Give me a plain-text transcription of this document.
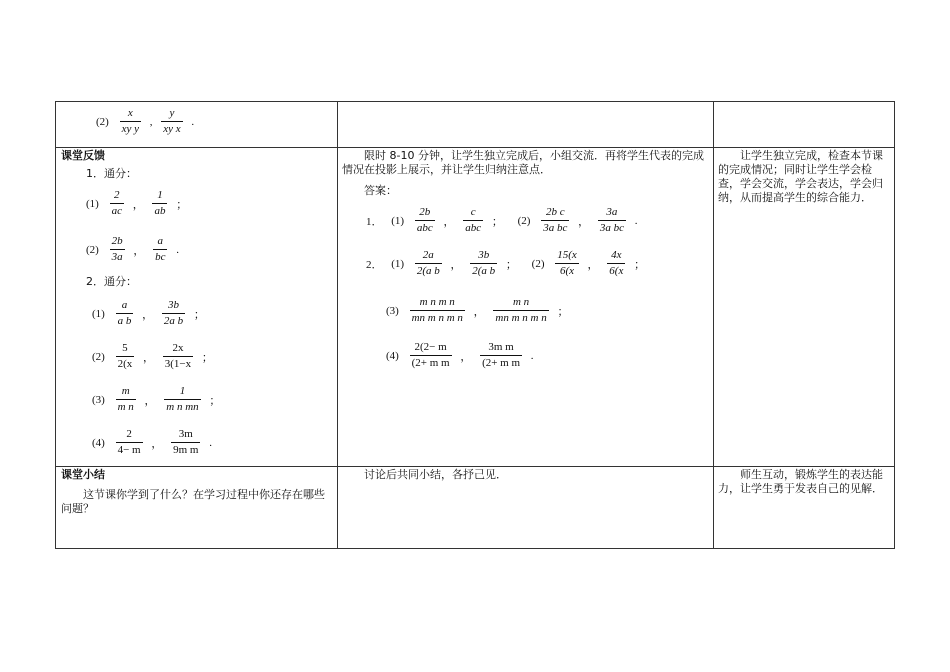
$(2) \frac{x}{\text{xy y}}$ , $\frac{y}{\text{xy x}}$ .
课堂反馈
1．通分：
$(1) \frac{2}{ac}$ ， $\frac{1}{ab}$ ；
$(2) \frac{2b}{3a}$ ， $\frac{a}{bc}$ .
2．通分：
$(1) \frac{a}{\text{a b}}$ ， $\frac{3b}{\text{2a b}}$ ；
$(2) \frac{5}{2(x}$ ， $\frac{2x}{3(1-x}$ ；
$(3) \frac{m}{\text{m n}}$ ， $\frac{1}{\text{m n mn}}$ ；
$(4) \frac{2}{4- m}$ ， $\frac{3m}{\text{9m m}}$ .
限时 8-10 分钟，让学生独立完成后，小组交流．再将学生代表的完成情况在投影上展示，并让学生归纳注意点．
答案：
1． $(1) \frac{2b}{\text{abc}}$ ， $\frac{c}{\text{abc}}$ ； $(2) \frac{\text{2b c}}{\text{3a bc}}$ ， $\frac{3a}{\text{3a bc}}$ .
2． $(1) \frac{2a}{\text{2(a b}}$ ， $\frac{3b}{\text{2(a b}}$ ； $(2) \frac{15(x}{6(x}$ ， $\frac{4x}{6(x}$ ；
$(3) \frac{\text{m n m n}}{\text{mn m n m n}}$ ， $\frac{\text{m n}}{\text{mn m n m n}}$ ；
$(4) \frac{2(2- m}{\text{(2+ m m}}$ ， $\frac{\text{3m m}}{\text{(2+ m m}}$ .
让学生独立完成，检查本节课的完成情况；同时让学生学会检查，学会交流，学会表达，学会归纳，从而提高学生的综合能力．
课堂小结
这节课你学到了什么？在学习过程中你还存在哪些问题？
讨论后共同小结，各抒己见．	师生互动，锻炼学生的表达能力，让学生勇于发表自己的见解．
